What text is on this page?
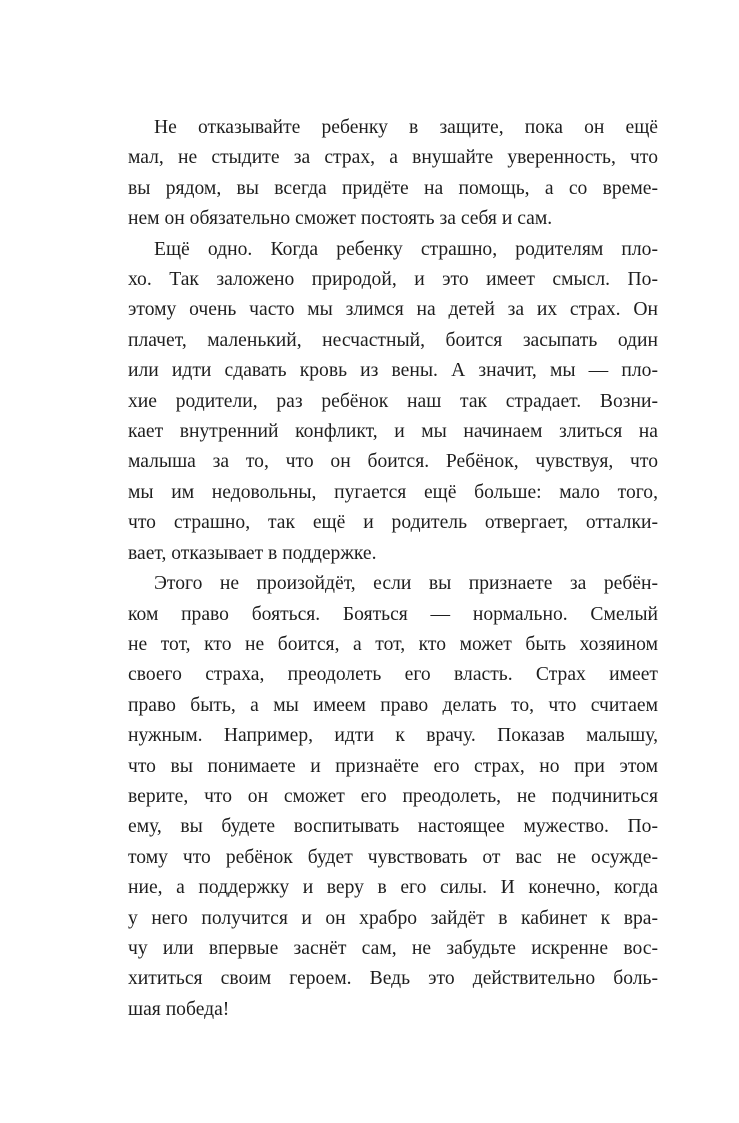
Не отказывайте ребенку в защите, пока он ещё
мал, не стыдите за страх, а внушайте уверенность, что
вы рядом, вы всегда придёте на помощь, а со време-
нем он обязательно сможет постоять за себя и сам.

Ещё одно. Когда ребенку страшно, родителям пло-
хо. Так заложено природой, и это имеет смысл. По-
этому очень часто мы злимся на детей за их страх. Он
плачет, маленький, несчастный, боится засыпать один
или идти сдавать кровь из вены. А значит, мы — пло-
хие родители, раз ребёнок наш так страдает. Возни-
кает внутренний конфликт, и мы начинаем злиться на
малыша за то, что он боится. Ребёнок, чувствуя, что
мы им недовольны, пугается ещё больше: мало того,
что страшно, так ещё и родитель отвергает, отталки-
вает, отказывает в поддержке.

Этого не произойдёт, если вы признаете за ребён-
ком право бояться. Бояться — нормально. Смелый
не тот, кто не боится, а тот, кто может быть хозяином
своего страха, преодолеть его власть. Страх имеет
право быть, а мы имеем право делать то, что считаем
нужным. Например, идти к врачу. Показав малышу,
что вы понимаете и признаёте его страх, но при этом
верите, что он сможет его преодолеть, не подчиниться
ему, вы будете воспитывать настоящее мужество. По-
тому что ребёнок будет чувствовать от вас не осужде-
ние, а поддержку и веру в его силы. И конечно, когда
у него получится и он храбро зайдёт в кабинет к вра-
чу или впервые заснёт сам, не забудьте искренне вос-
хититься своим героем. Ведь это действительно боль-
шая победа!
